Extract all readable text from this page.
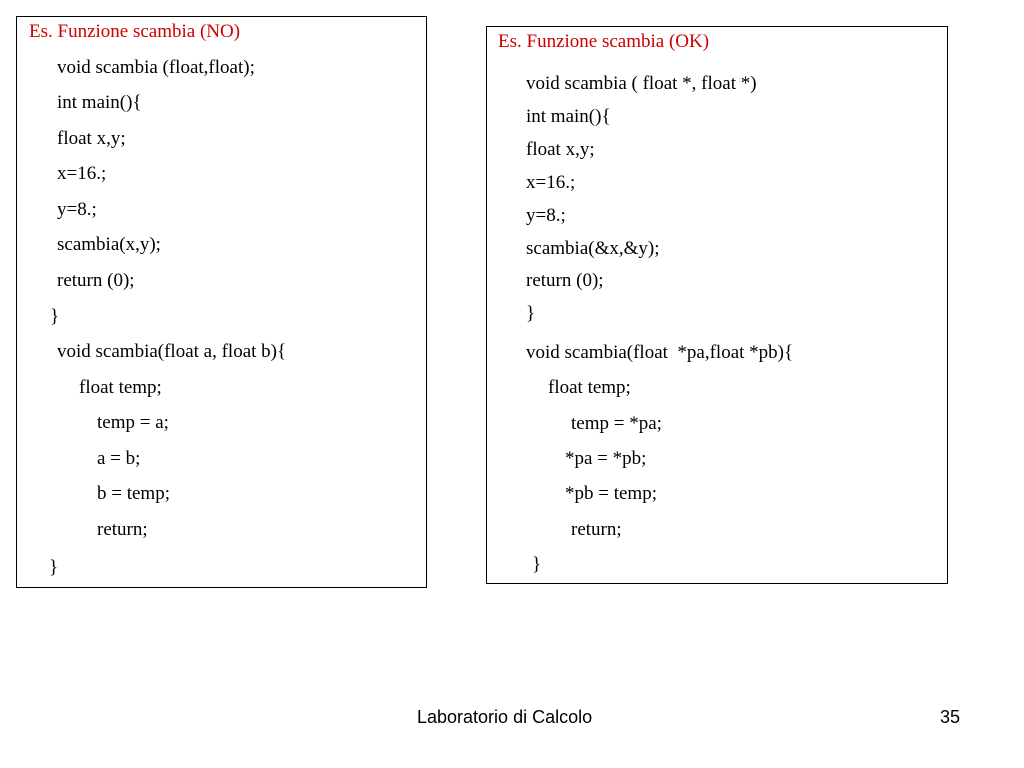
Es. Funzione scambia (NO)
void scambia (float,float);
int main(){
float x,y;
x=16.;
y=8.;
scambia(x,y);
return (0);
}
void scambia(float a, float b){
float temp;
temp = a;
a = b;
b = temp;
return;
}
Es. Funzione scambia (OK)
void scambia ( float *, float *)
int main(){
float x,y;
x=16.;
y=8.;
scambia(&x,&y);
return (0);
}
void scambia(float  *pa,float *pb){
float temp;
temp = *pa;
*pa = *pb;
*pb = temp;
return;
}
Laboratorio di Calcolo	35
